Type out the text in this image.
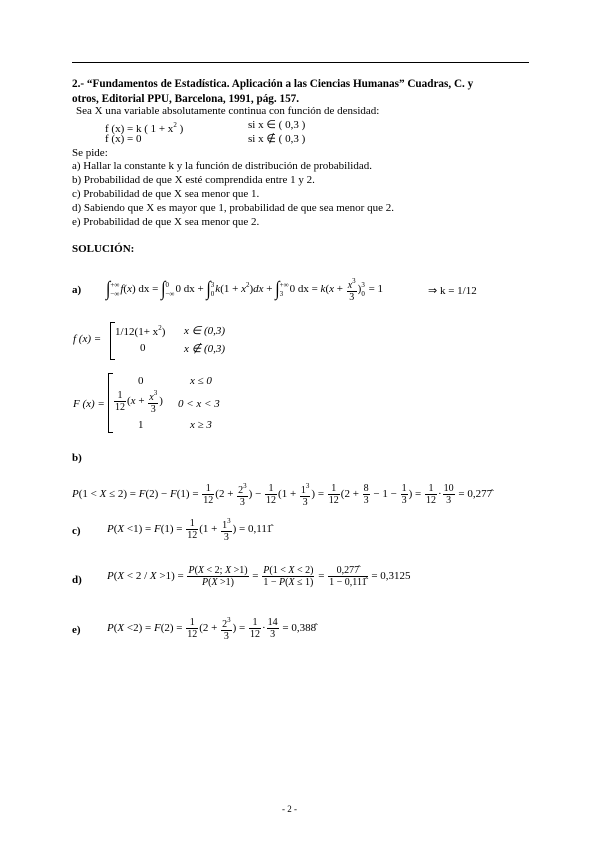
2.- “Fundamentos de Estadística. Aplicación a las Ciencias Humanas” Cuadras, C. y
otros, Editorial PPU, Barcelona, 1991, pág. 157.
Sea X una variable absolutamente continua con función de densidad:
f (x) = k ( $1 + x^2$ )	si x ∈ ( 0,3 )
f (x) = 0	si x ∉ ( 0,3 )
Se pide:
a) Hallar la constante k y la función de distribución de probabilidad.
b) Probabilidad de que X esté comprendida entre 1 y 2.
c) Probabilidad de que X sea menor que 1.
d) Sabiendo que X es mayor que 1, probabilidad de que sea menor que 2.
e) Probabilidad de que X sea menor que 2.
SOLUCIÓN:
a) ∫ +∞
−∞ f(x) dx = ∫ 0
−∞ 0 dx + ∫ 3
0 $k(1 + x^2)dx$ + ∫ +∞
3 0 dx = $k(x + \frac{x^3}{3}$ ) 3
0 = 1	⇒ k = 1/12
f (x) =
$1/12(1+ x^2)$ x ∈ (0,3)
0	x ∉ (0,3)
F (x) =
0	x ≤ 0
$\frac{1}{12} (x + \frac{x^3}{3}$ ) 0 < x < 3
1	x ≥ 3
b)
$P(1 < X \le 2) = F(2) - F(1) = \frac{1}{12} (2 + \frac{2^3}{3}$ ) − $\frac{1}{12} (1 + \frac{1^3}{3}$ ) = $\frac{1}{12} (2 + \frac{8}{3} - 1 - \frac{1}{3}$ ) = $\frac{1}{12} \cdot \frac{10}{3}$ = 0,277̂
c) $P(X <1) = F(1) = \frac{1}{12} (1 + \frac{1^3}{3}$ ) = 0,111̂
d) $P(X < 2 / X >1) = \frac{P(X < 2; X >1)}{P(X >1)} = \frac{P(1 < X < 2)}{1 - P(X \le 1)} = \frac{0,277̂}{1 - 0,111̂} = 0,3125$
e) $P(X <2) = F(2) = \frac{1}{12} (2 + \frac{2^3}{3}$ ) = $\frac{1}{12} \cdot \frac{14}{3}$ = 0,388̂
- 2 -
